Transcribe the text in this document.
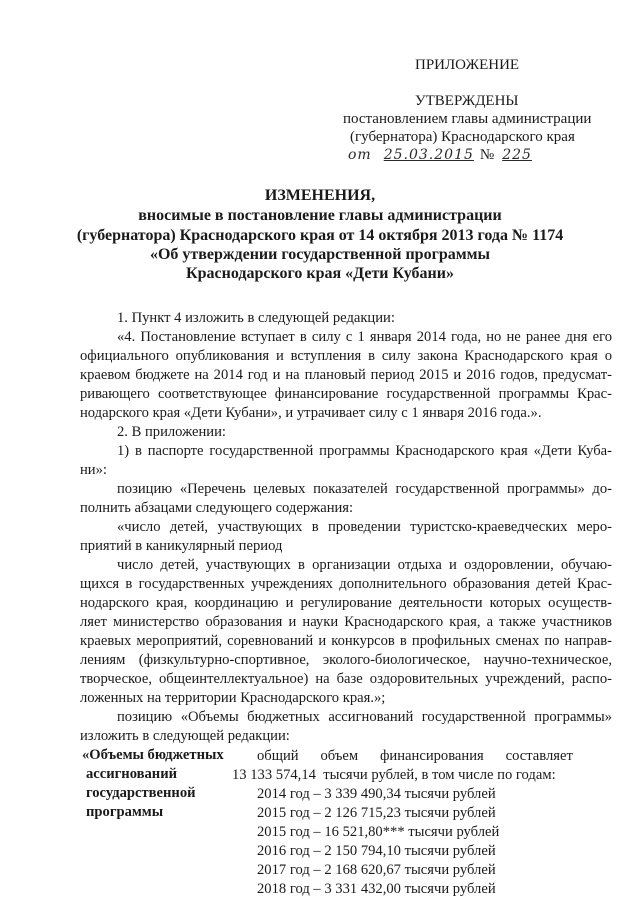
ПРИЛОЖЕНИЕ
УТВЕРЖДЕНЫ
постановлением главы администрации
(губернатора) Краснодарского края
от 25.03.2015 № 225
ИЗМЕНЕНИЯ,
вносимые в постановление главы администрации
(губернатора) Краснодарского края от 14 октября 2013 года № 1174
«Об утверждении государственной программы
Краснодарского края «Дети Кубани»
1. Пункт 4 изложить в следующей редакции:
«4. Постановление вступает в силу с 1 января 2014 года, но не ранее дня его
официального опубликования и вступления в силу закона Краснодарского края о
краевом бюджете на 2014 год и на плановый период 2015 и 2016 годов, предусмат-
ривающего соответствующее финансирование государственной программы Крас-
нодарского края «Дети Кубани», и утрачивает силу с 1 января 2016 года.».
2. В приложении:
1) в паспорте государственной программы Краснодарского края «Дети Куба-
ни»:
позицию «Перечень целевых показателей государственной программы» до-
полнить абзацами следующего содержания:
«число детей, участвующих в проведении туристско-краеведческих меро-
приятий в каникулярный период
число детей, участвующих в организации отдыха и оздоровлении, обучаю-
щихся в государственных учреждениях дополнительного образования детей Крас-
нодарского края, координацию и регулирование деятельности которых осуществ-
ляет министерство образования и науки Краснодарского края, а также участников
краевых мероприятий, соревнований и конкурсов в профильных сменах по направ-
лениям (физкультурно-спортивное, эколого-биологическое, научно-техническое,
творческое, общеинтеллектуальное) на базе оздоровительных учреждений, распо-
ложенных на территории Краснодарского края.»;
позицию «Объемы бюджетных ассигнований государственной программы»
изложить в следующей редакции:
«Объемы бюджетных
ассигнований
государственной
программы
общий      объем      финансирования      составляет
13 133 574,14  тысячи рублей, в том числе по годам:
2014 год – 3 339 490,34 тысячи рублей
2015 год – 2 126 715,23 тысячи рублей
2015 год – 16 521,80*** тысячи рублей
2016 год – 2 150 794,10 тысячи рублей
2017 год – 2 168 620,67 тысячи рублей
2018 год – 3 331 432,00 тысячи рублей
